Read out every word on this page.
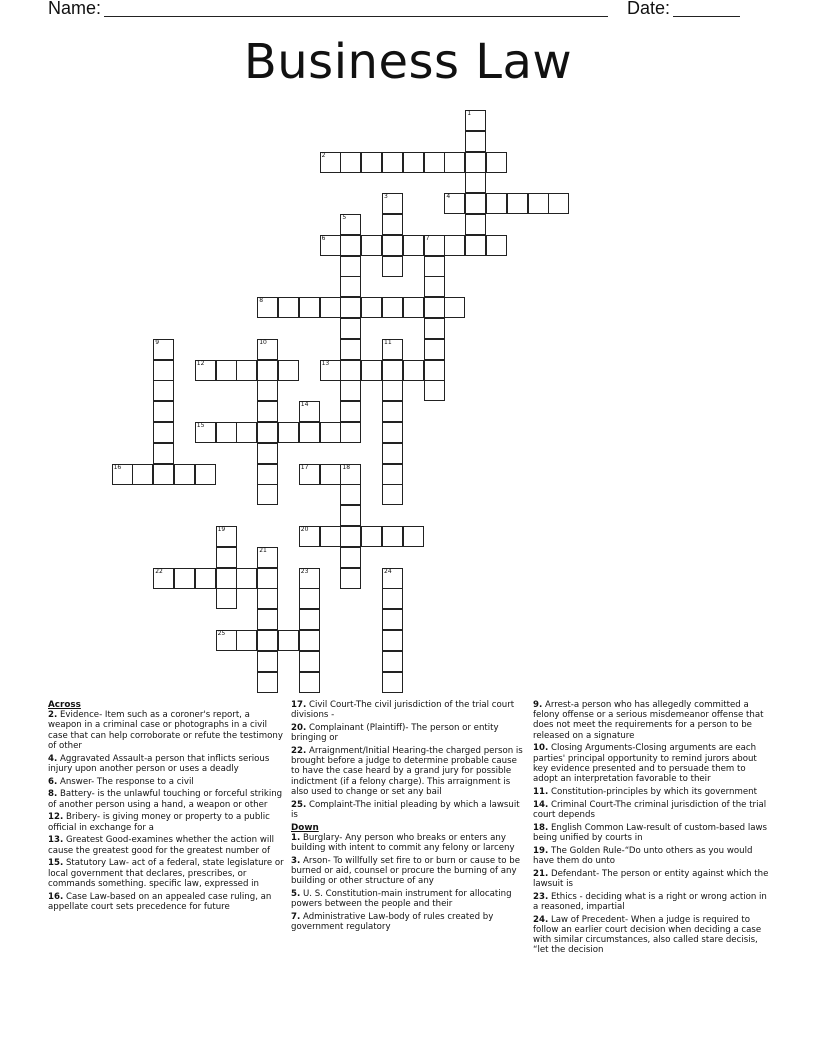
Name:	Date:
Business Law
1
2
3	4
5
6	7
8
9	10	11
12	13
14
15
16	17	18
19	20
21
22	23	24
25
Across
2. Evidence- Item such as a coroner's report, a weapon in a criminal case or photographs in a civil case that can help corroborate or refute the testimony of other
4. Aggravated Assault-a person that inflicts serious injury upon another person or uses a deadly
6. Answer- The response to a civil
8. Battery- is the unlawful touching or forceful striking of another person using a hand, a weapon or other
12. Bribery- is giving money or property to a public official in exchange for a
13. Greatest Good-examines whether the action will cause the greatest good for the greatest number of
15. Statutory Law- act of a federal, state legislature or local government that declares, prescribes, or commands something. specific law, expressed in
16. Case Law-based on an appealed case ruling, an appellate court sets precedence for future
17. Civil Court-The civil jurisdiction of the trial court divisions -
20. Complainant (Plaintiff)- The person or entity bringing or
22. Arraignment/Initial Hearing-the charged person is brought before a judge to determine probable cause to have the case heard by a grand jury for possible indictment (if a felony charge). This arraignment is also used to change or set any bail
25. Complaint-The initial pleading by which a lawsuit is
Down
1. Burglary- Any person who breaks or enters any building with intent to commit any felony or larceny
3. Arson- To willfully set fire to or burn or cause to be burned or aid, counsel or procure the burning of any building or other structure of any
5. U. S. Constitution-main instrument for allocating powers between the people and their
7. Administrative Law-body of rules created by government regulatory
9. Arrest-a person who has allegedly committed a felony offense or a serious misdemeanor offense that does not meet the requirements for a person to be released on a signature
10. Closing Arguments-Closing arguments are each parties' principal opportunity to remind jurors about key evidence presented and to persuade them to adopt an interpretation favorable to their
11. Constitution-principles by which its government
14. Criminal Court-The criminal jurisdiction of the trial court depends
18. English Common Law-result of custom-based laws being unified by courts in
19. The Golden Rule-“Do unto others as you would have them do unto
21. Defendant- The person or entity against which the lawsuit is
23. Ethics - deciding what is a right or wrong action in a reasoned, impartial
24. Law of Precedent- When a judge is required to follow an earlier court decision when deciding a case with similar circumstances, also called stare decisis, “let the decision
